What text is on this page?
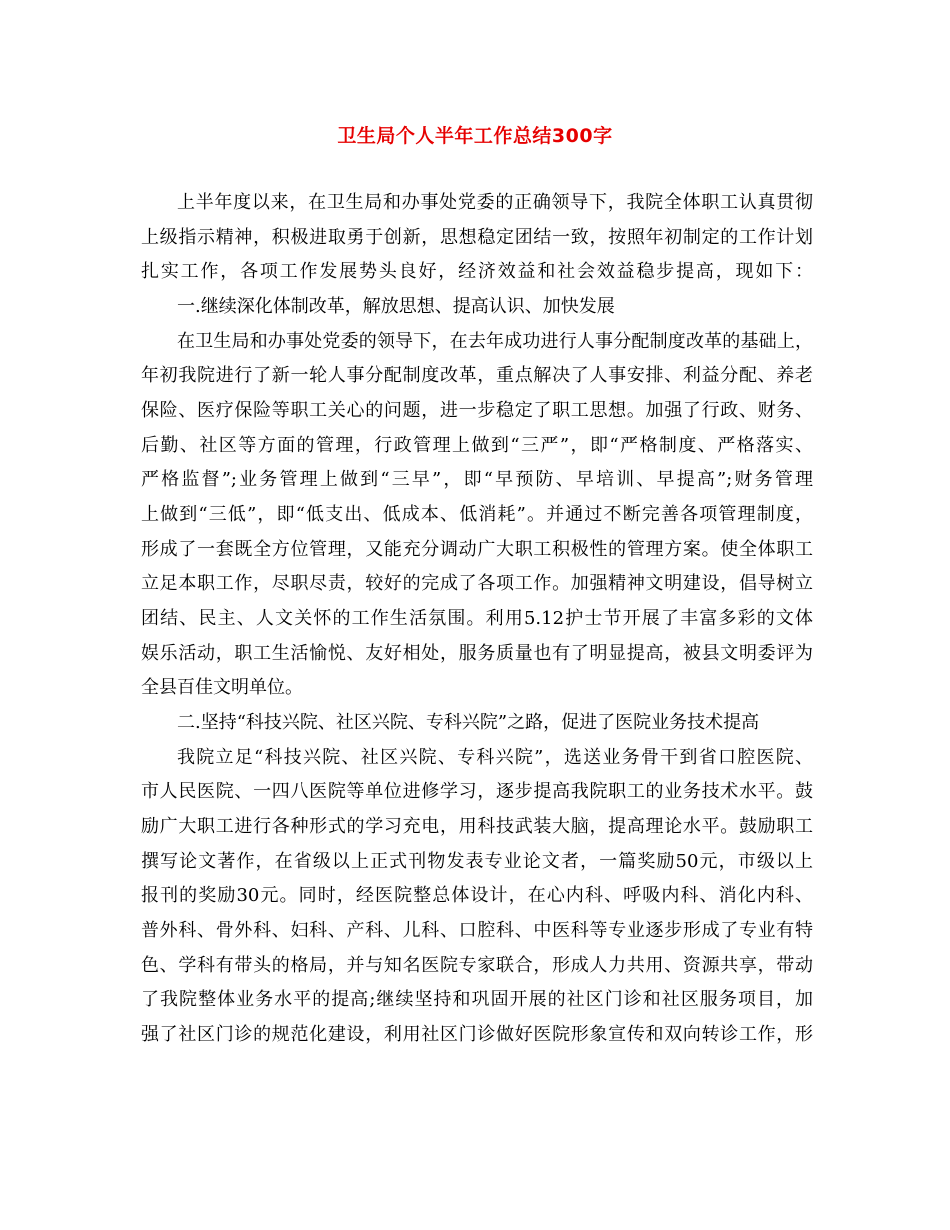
卫生局个人半年工作总结300字
上半年度以来，在卫生局和办事处党委的正确领导下，我院全体职工认真贯彻
上级指示精神，积极进取勇于创新，思想稳定团结一致，按照年初制定的工作计划
扎实工作，各项工作发展势头良好，经济效益和社会效益稳步提高，现如下：
一.继续深化体制改革，解放思想、提高认识、加快发展
在卫生局和办事处党委的领导下，在去年成功进行人事分配制度改革的基础上，
年初我院进行了新一轮人事分配制度改革，重点解决了人事安排、利益分配、养老
保险、医疗保险等职工关心的问题，进一步稳定了职工思想。加强了行政、财务、
后勤、社区等方面的管理，行政管理上做到“三严”，即“严格制度、严格落实、
严格监督”;业务管理上做到“三早”，即“早预防、早培训、早提高”;财务管理
上做到“三低”，即“低支出、低成本、低消耗”。并通过不断完善各项管理制度，
形成了一套既全方位管理，又能充分调动广大职工积极性的管理方案。使全体职工
立足本职工作，尽职尽责，较好的完成了各项工作。加强精神文明建设，倡导树立
团结、民主、人文关怀的工作生活氛围。利用5.12护士节开展了丰富多彩的文体
娱乐活动，职工生活愉悦、友好相处，服务质量也有了明显提高，被县文明委评为
全县百佳文明单位。
二.坚持“科技兴院、社区兴院、专科兴院”之路，促进了医院业务技术提高
我院立足“科技兴院、社区兴院、专科兴院”，选送业务骨干到省口腔医院、
市人民医院、一四八医院等单位进修学习，逐步提高我院职工的业务技术水平。鼓
励广大职工进行各种形式的学习充电，用科技武装大脑，提高理论水平。鼓励职工
撰写论文著作，在省级以上正式刊物发表专业论文者，一篇奖励50元，市级以上
报刊的奖励30元。同时，经医院整总体设计，在心内科、呼吸内科、消化内科、
普外科、骨外科、妇科、产科、儿科、口腔科、中医科等专业逐步形成了专业有特
色、学科有带头的格局，并与知名医院专家联合，形成人力共用、资源共享，带动
了我院整体业务水平的提高;继续坚持和巩固开展的社区门诊和社区服务项目，加
强了社区门诊的规范化建设，利用社区门诊做好医院形象宣传和双向转诊工作，形
